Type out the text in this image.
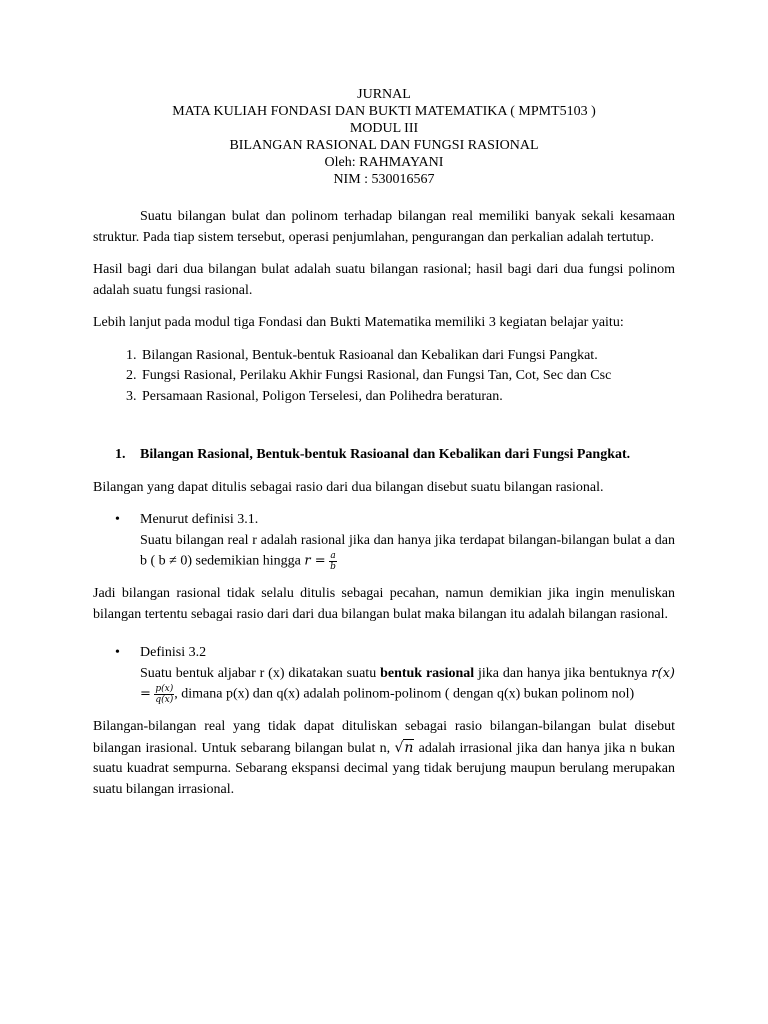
JURNAL
MATA KULIAH FONDASI DAN BUKTI MATEMATIKA ( MPMT5103 )
MODUL III
BILANGAN RASIONAL DAN FUNGSI RASIONAL
Oleh: RAHMAYANI
NIM : 530016567

Suatu bilangan bulat dan polinom terhadap bilangan real memiliki banyak sekali kesamaan struktur. Pada tiap sistem tersebut, operasi penjumlahan, pengurangan dan perkalian adalah tertutup.

Hasil bagi dari dua bilangan bulat adalah suatu bilangan rasional; hasil bagi dari dua fungsi polinom adalah suatu fungsi rasional.

Lebih lanjut pada modul tiga Fondasi dan Bukti Matematika memiliki 3 kegiatan belajar yaitu:

1. Bilangan Rasional, Bentuk-bentuk Rasioanal dan Kebalikan dari Fungsi Pangkat.
2. Fungsi Rasional, Perilaku Akhir Fungsi Rasional, dan Fungsi Tan, Cot, Sec dan Csc
3. Persamaan Rasional, Poligon Terselesi, dan Polihedra beraturan.
1. Bilangan Rasional, Bentuk-bentuk Rasioanal dan Kebalikan dari Fungsi Pangkat.

Bilangan yang dapat ditulis sebagai rasio dari dua bilangan disebut suatu bilangan rasional.

• Menurut definisi 3.1.

Suatu bilangan real r adalah rasional jika dan hanya jika terdapat bilangan-bilangan bulat a dan b ( b ≠ 0) sedemikian hingga $r = \frac{a}{b}$

Jadi bilangan rasional tidak selalu ditulis sebagai pecahan, namun demikian jika ingin menuliskan bilangan tertentu sebagai rasio dari dari dua bilangan bulat maka bilangan itu adalah bilangan rasional.

• Definisi 3.2

Suatu bentuk aljabar r (x) dikatakan suatu bentuk rasional jika dan hanya jika bentuknya $r(x) = \frac{p(x)}{q(x)}$ , dimana p(x) dan q(x) adalah polinom-polinom ( dengan q(x) bukan polinom nol)

Bilangan-bilangan real yang tidak dapat dituliskan sebagai rasio bilangan-bilangan bulat disebut bilangan irasional. Untuk sebarang bilangan bulat n, √n adalah irrasional jika dan hanya jika n bukan suatu kuadrat sempurna. Sebarang ekspansi decimal yang tidak berujung maupun berulang merupakan suatu bilangan irrasional.
